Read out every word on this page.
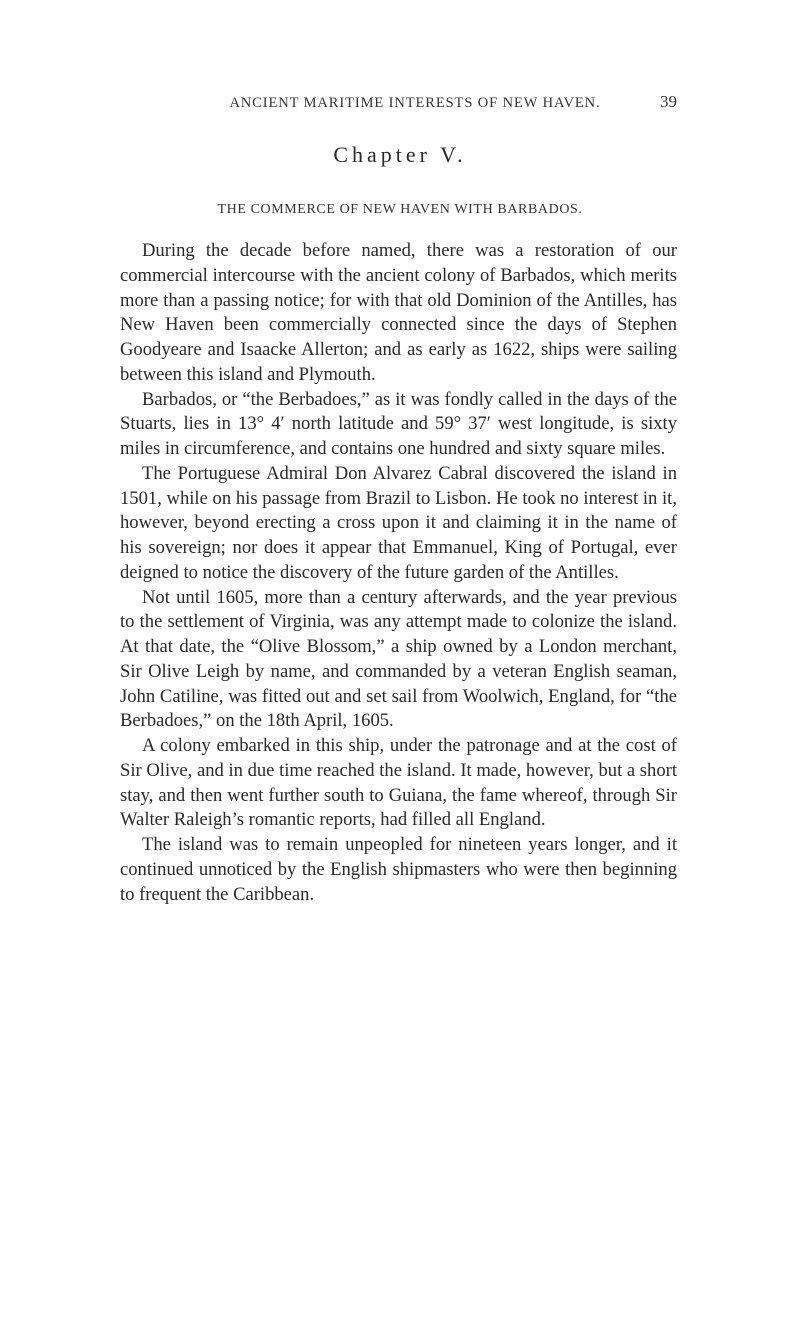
ANCIENT MARITIME INTERESTS OF NEW HAVEN.	39
Chapter V.
THE COMMERCE OF NEW HAVEN WITH BARBADOS.

During the decade before named, there was a restoration of our commercial intercourse with the ancient colony of Barbados, which merits more than a passing notice; for with that old Dominion of the Antilles, has New Haven been commercially connected since the days of Stephen Goodyeare and Isaacke Allerton; and as early as 1622, ships were sailing between this island and Plymouth.

Barbados, or “the Berbadoes,” as it was fondly called in the days of the Stuarts, lies in 13° 4′ north latitude and 59° 37′ west longitude, is sixty miles in circumference, and contains one hundred and sixty square miles.

The Portuguese Admiral Don Alvarez Cabral discovered the island in 1501, while on his passage from Brazil to Lisbon. He took no interest in it, however, beyond erecting a cross upon it and claiming it in the name of his sovereign; nor does it appear that Emmanuel, King of Portugal, ever deigned to notice the discovery of the future garden of the Antilles.

Not until 1605, more than a century afterwards, and the year previous to the settlement of Virginia, was any attempt made to colonize the island. At that date, the “Olive Blossom,” a ship owned by a London merchant, Sir Olive Leigh by name, and commanded by a veteran English seaman, John Catiline, was fitted out and set sail from Woolwich, England, for “the Berbadoes,” on the 18th April, 1605.

A colony embarked in this ship, under the patronage and at the cost of Sir Olive, and in due time reached the island. It made, however, but a short stay, and then went further south to Guiana, the fame whereof, through Sir Walter Raleigh’s romantic reports, had filled all England.

The island was to remain unpeopled for nineteen years longer, and it continued unnoticed by the English shipmasters who were then beginning to frequent the Caribbean.
